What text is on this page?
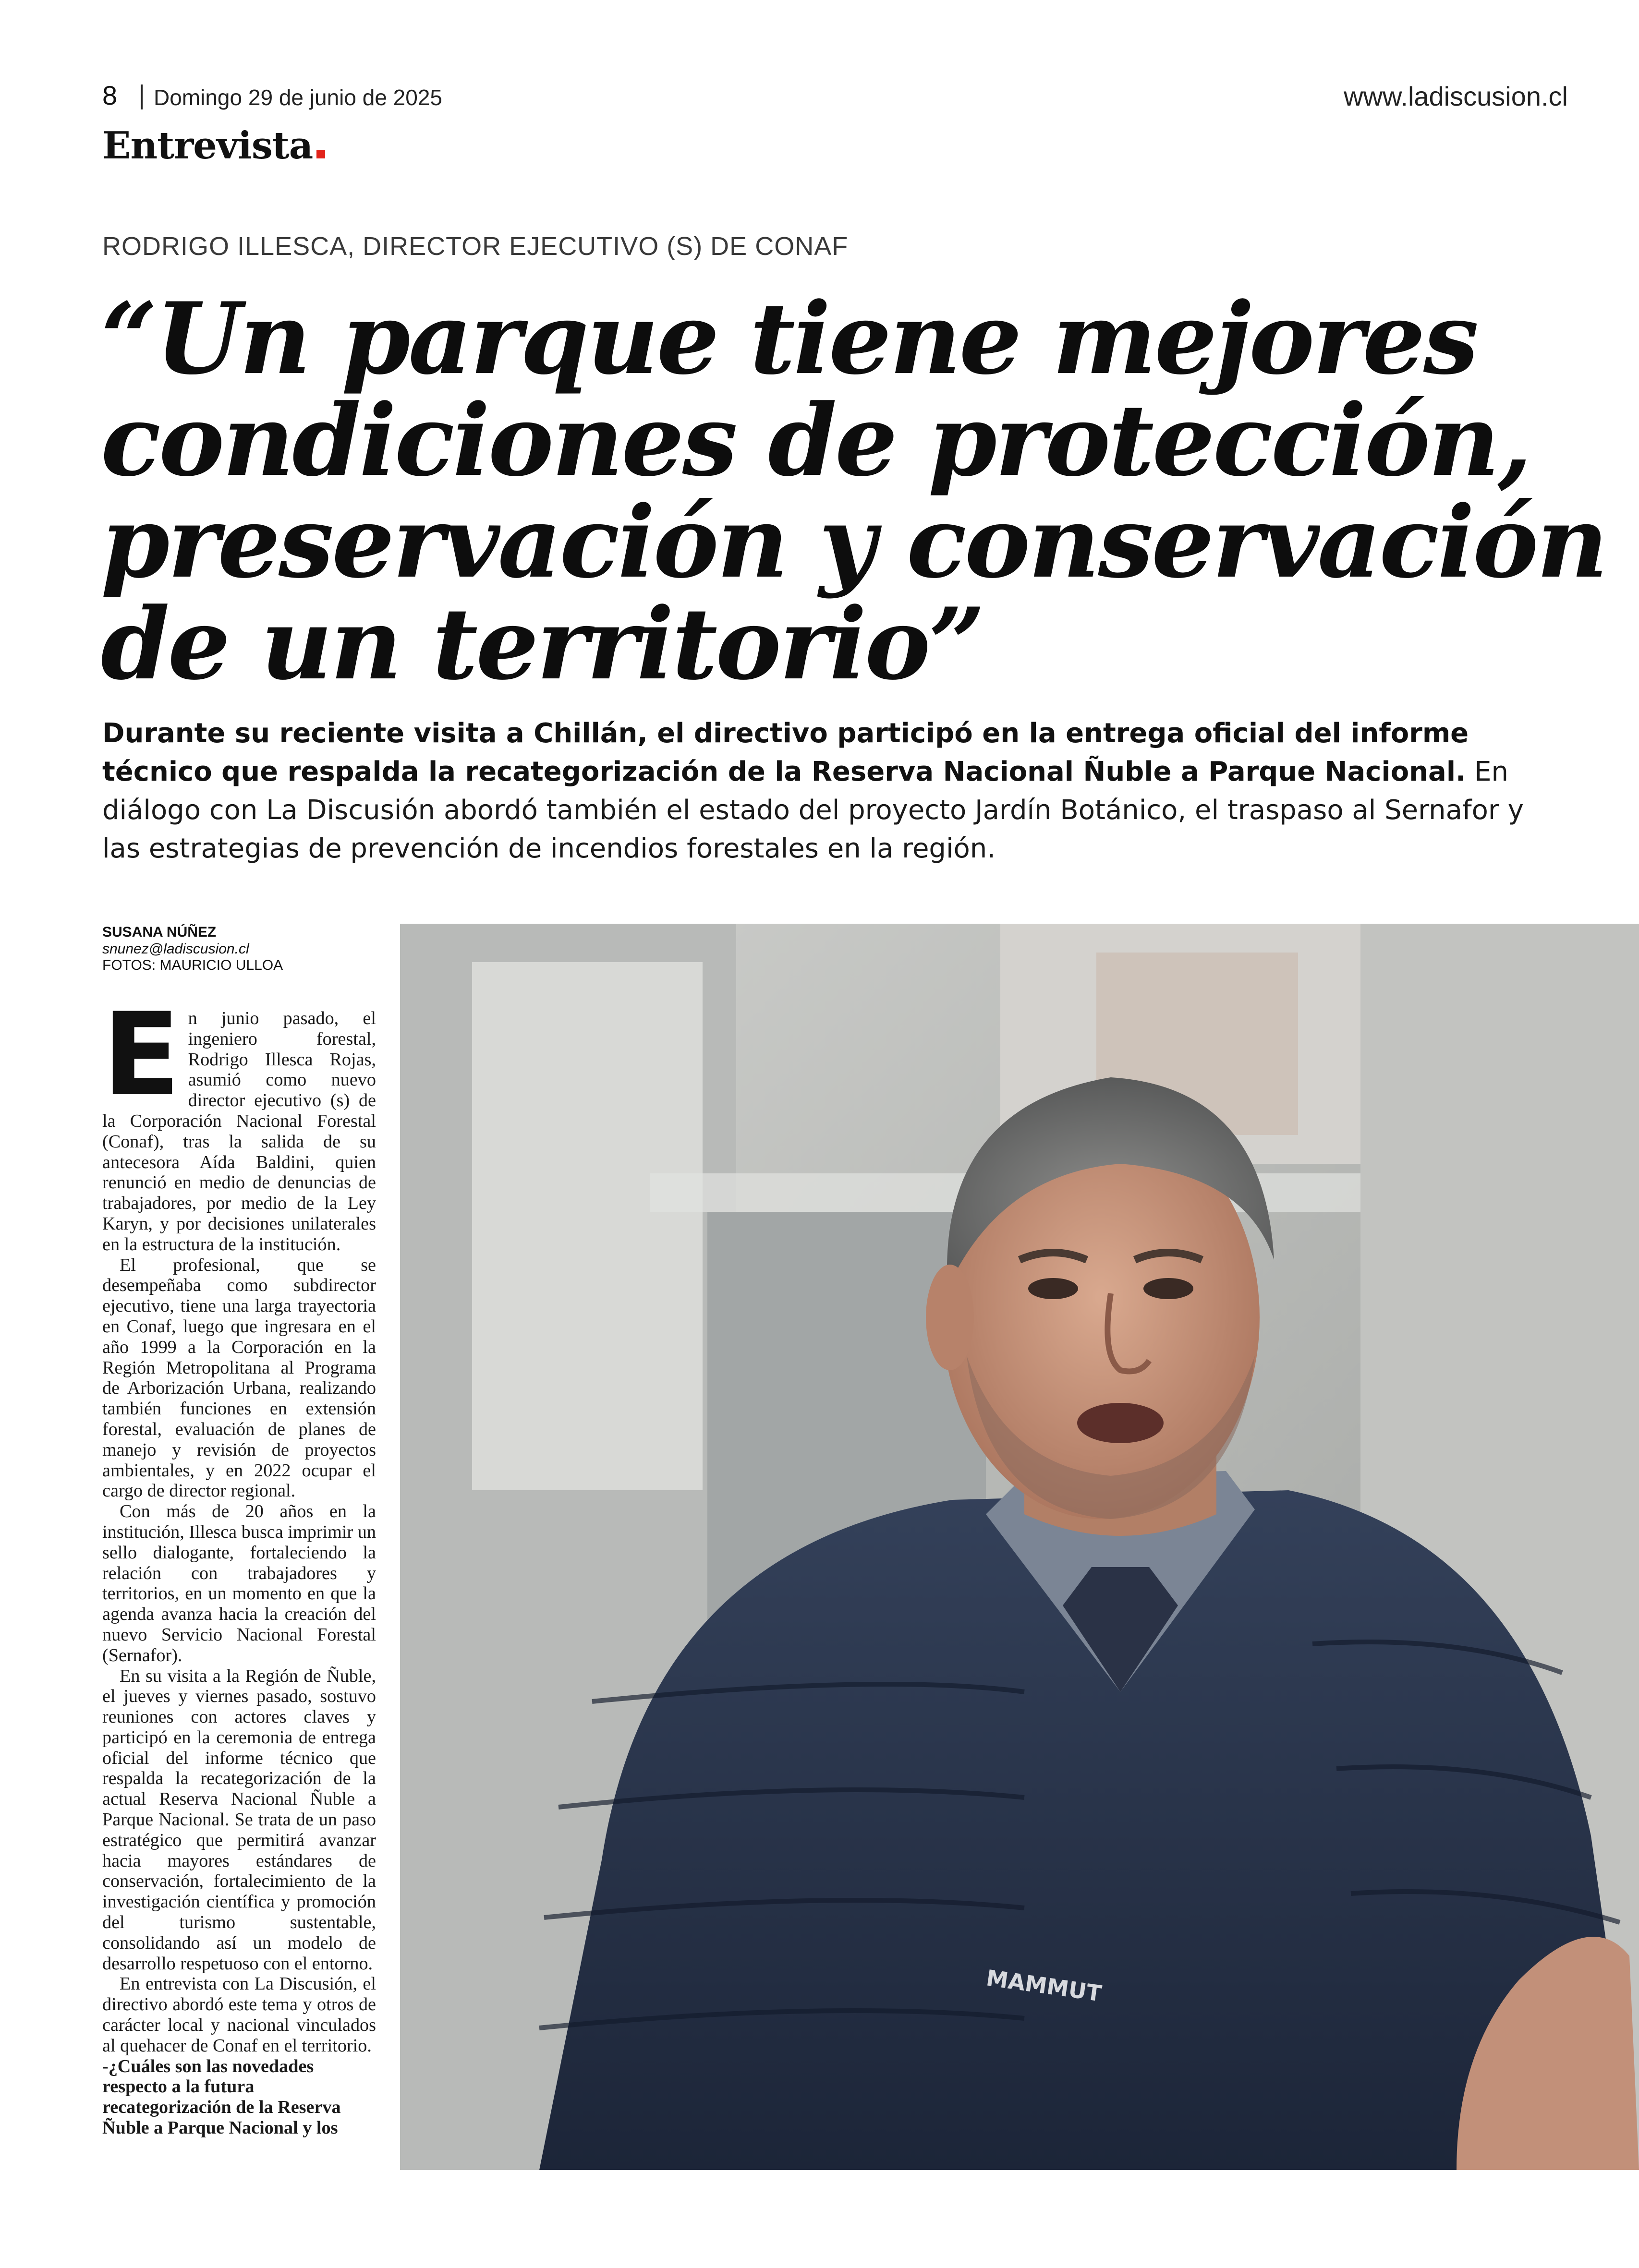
8 Domingo 29 de junio de 2025	www.ladiscusion.cl
Entrevista
RODRIGO ILLESCA, DIRECTOR EJECUTIVO (S) DE CONAF
“Un parque tiene mejores
condiciones de protección,
preservación y conservación
de un territorio”
Durante su reciente visita a Chillán, el directivo participó en la entrega oficial del informe técnico que respalda la recategorización de la Reserva Nacional Ñuble a Parque Nacional. En diálogo con La Discusión abordó también el estado del proyecto Jardín Botánico, el traspaso al Sernafor y las estrategias de prevención de incendios forestales en la región.
SUSANA NÚÑEZ
snunez@ladiscusion.cl
FOTOS: MAURICIO ULLOA
E n junio pasado, el ingeniero forestal, Rodrigo Illesca Rojas, asumió como nuevo director ejecutivo (s) de la Corporación Nacional Forestal (Conaf), tras la salida de su antecesora Aída Baldini, quien renunció en medio de denuncias de trabajadores, por medio de la Ley Karyn, y por decisiones unilaterales en la estructura de la institución.

El profesional, que se desempeñaba como subdirector ejecutivo, tiene una larga trayectoria en Conaf, luego que ingresara en el año 1999 a la Corporación en la Región Metropolitana al Programa de Arborización Urbana, realizando también funciones en extensión forestal, evaluación de planes de manejo y revisión de proyectos ambientales, y en 2022 ocupar el cargo de director regional.

Con más de 20 años en la institución, Illesca busca imprimir un sello dialogante, fortaleciendo la relación con trabajadores y territorios, en un momento en que la agenda avanza hacia la creación del nuevo Servicio Nacional Forestal (Sernafor).

En su visita a la Región de Ñuble, el jueves y viernes pasado, sostuvo reuniones con actores claves y participó en la ceremonia de entrega oficial del informe técnico que respalda la recategorización de la actual Reserva Nacional Ñuble a Parque Nacional. Se trata de un paso estratégico que permitirá avanzar hacia mayores estándares de conservación, fortalecimiento de la investigación científica y promoción del turismo sustentable, consolidando así un modelo de desarrollo respetuoso con el entorno.

En entrevista con La Discusión, el directivo abordó este tema y otros de carácter local y nacional vinculados al quehacer de Conaf en el territorio.

-¿Cuáles son las novedades respecto a la futura recategorización de la Reserva Ñuble a Parque Nacional y los

MAMMUT
